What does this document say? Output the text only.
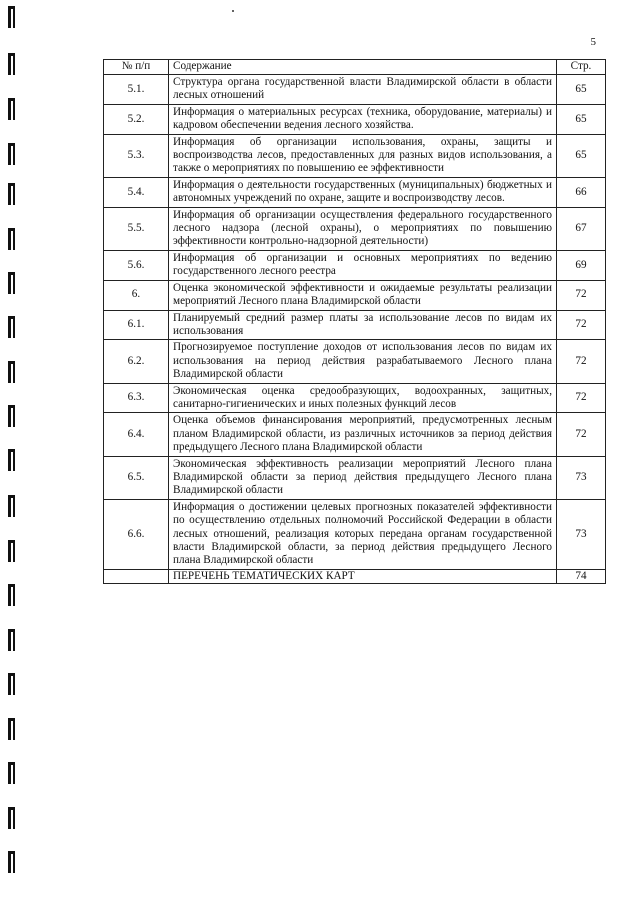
5
№ п/п	Содержание	Стр.
5.1.	Структура органа государственной власти Владимирской области в области лесных отношений	65
5.2.	Информация о материальных ресурсах (техника, оборудование, материалы) и кадровом обеспечении ведения лесного хозяйства.	65
5.3.	Информация об организации использования, охраны, защиты и воспроизводства лесов, предоставленных для разных видов использования, а также о мероприятиях по повышению ее эффективности	65
5.4.	Информация о деятельности государственных (муниципальных) бюджетных и автономных учреждений по охране, защите и воспроизводству лесов.	66
5.5.	Информация об организации осуществления федерального государственного лесного надзора (лесной охраны), о мероприятиях по повышению эффективности контрольно-надзорной деятельности)	67
5.6.	Информация об организации и основных мероприятиях по ведению государственного лесного реестра	69
6.	Оценка экономической эффективности и ожидаемые результаты реализации мероприятий Лесного плана Владимирской области	72
6.1.	Планируемый средний размер платы за использование лесов по видам их использования	72
6.2.	Прогнозируемое поступление доходов от использования лесов по видам их использования на период действия разрабатываемого Лесного плана Владимирской области	72
6.3.	Экономическая оценка средообразующих, водоохранных, защитных, санитарно-гигиенических и иных полезных функций лесов	72
6.4.	Оценка объемов финансирования мероприятий, предусмотренных лесным планом Владимирской области, из различных источников за период действия предыдущего Лесного плана Владимирской области	72
6.5.	Экономическая эффективность реализации мероприятий Лесного плана Владимирской области за период действия предыдущего Лесного плана Владимирской области	73
6.6.	Информация о достижении целевых прогнозных показателей эффективности по осуществлению отдельных полномочий Российской Федерации в области лесных отношений, реализация которых передана органам государственной власти Владимирской области, за период действия предыдущего Лесного плана Владимирской области	73
	ПЕРЕЧЕНЬ ТЕМАТИЧЕСКИХ КАРТ	74
